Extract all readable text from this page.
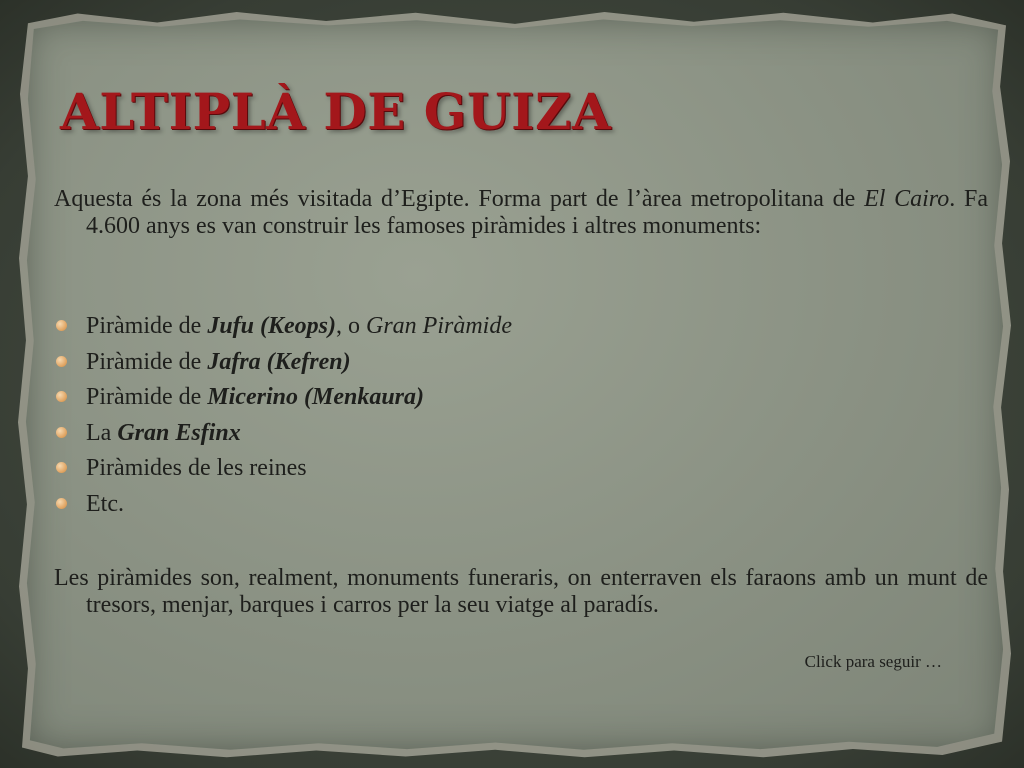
ALTIPLÀ DE GUIZA
Aquesta és la zona més visitada d’Egipte. Forma part de l’àrea metropolitana de El Cairo. Fa 4.600 anys es van construir les famoses piràmides i altres monuments:
Piràmide de Jufu (Keops), o Gran Piràmide
Piràmide de Jafra (Kefren)
Piràmide de Micerino (Menkaura)
La Gran Esfinx
Piràmides de les reines
Etc.
Les piràmides son, realment, monuments funeraris, on enterraven els faraons amb un munt de tresors, menjar, barques i carros per la seu viatge al paradís.
Click para seguir …
